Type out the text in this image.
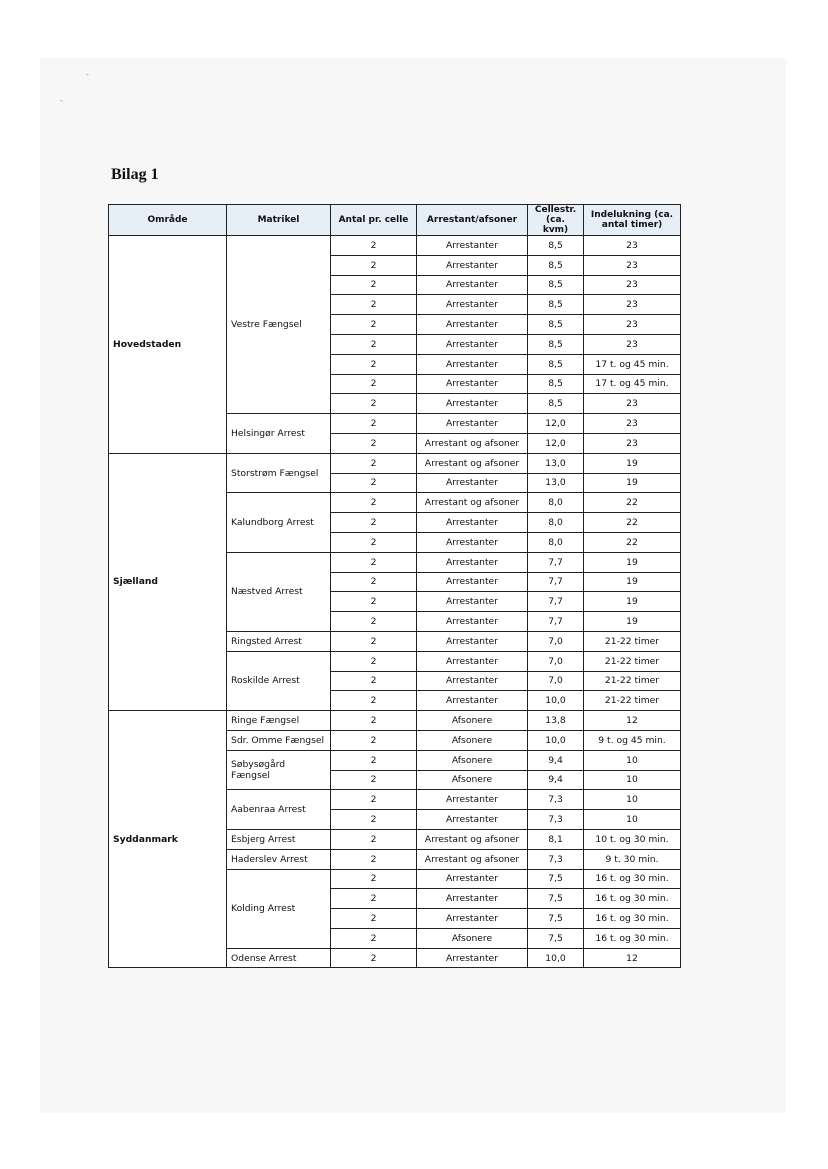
-
-
Bilag 1
Område	Matrikel	Antal pr. celle	Arrestant/afsoner	Cellestr. (ca. kvm)	Indelukning (ca. antal timer)
Hovedstaden	Vestre Fængsel	2	Arrestanter	8,5	23
		2	Arrestanter	8,5	23
		2	Arrestanter	8,5	23
		2	Arrestanter	8,5	23
		2	Arrestanter	8,5	23
		2	Arrestanter	8,5	23
		2	Arrestanter	8,5	17 t. og 45 min.
		2	Arrestanter	8,5	17 t. og 45 min.
		2	Arrestanter	8,5	23
	Helsingør Arrest	2	Arrestanter	12,0	23
		2	Arrestant og afsoner	12,0	23
Sjælland	Storstrøm Fængsel	2	Arrestant og afsoner	13,0	19
		2	Arrestanter	13,0	19
	Kalundborg Arrest	2	Arrestant og afsoner	8,0	22
		2	Arrestanter	8,0	22
		2	Arrestanter	8,0	22
	Næstved Arrest	2	Arrestanter	7,7	19
		2	Arrestanter	7,7	19
		2	Arrestanter	7,7	19
		2	Arrestanter	7,7	19
	Ringsted Arrest	2	Arrestanter	7,0	21-22 timer
	Roskilde Arrest	2	Arrestanter	7,0	21-22 timer
		2	Arrestanter	7,0	21-22 timer
		2	Arrestanter	10,0	21-22 timer
Syddanmark	Ringe Fængsel	2	Afsonere	13,8	12
	Sdr. Omme Fængsel	2	Afsonere	10,0	9 t. og 45 min.
	Søbysøgård Fængsel	2	Afsonere	9,4	10
		2	Afsonere	9,4	10
	Aabenraa Arrest	2	Arrestanter	7,3	10
		2	Arrestanter	7,3	10
	Esbjerg Arrest	2	Arrestant og afsoner	8,1	10 t. og 30 min.
	Haderslev Arrest	2	Arrestant og afsoner	7,3	9 t. 30 min.
	Kolding Arrest	2	Arrestanter	7,5	16 t. og 30 min.
		2	Arrestanter	7,5	16 t. og 30 min.
		2	Arrestanter	7,5	16 t. og 30 min.
		2	Afsonere	7,5	16 t. og 30 min.
	Odense Arrest	2	Arrestanter	10,0	12
